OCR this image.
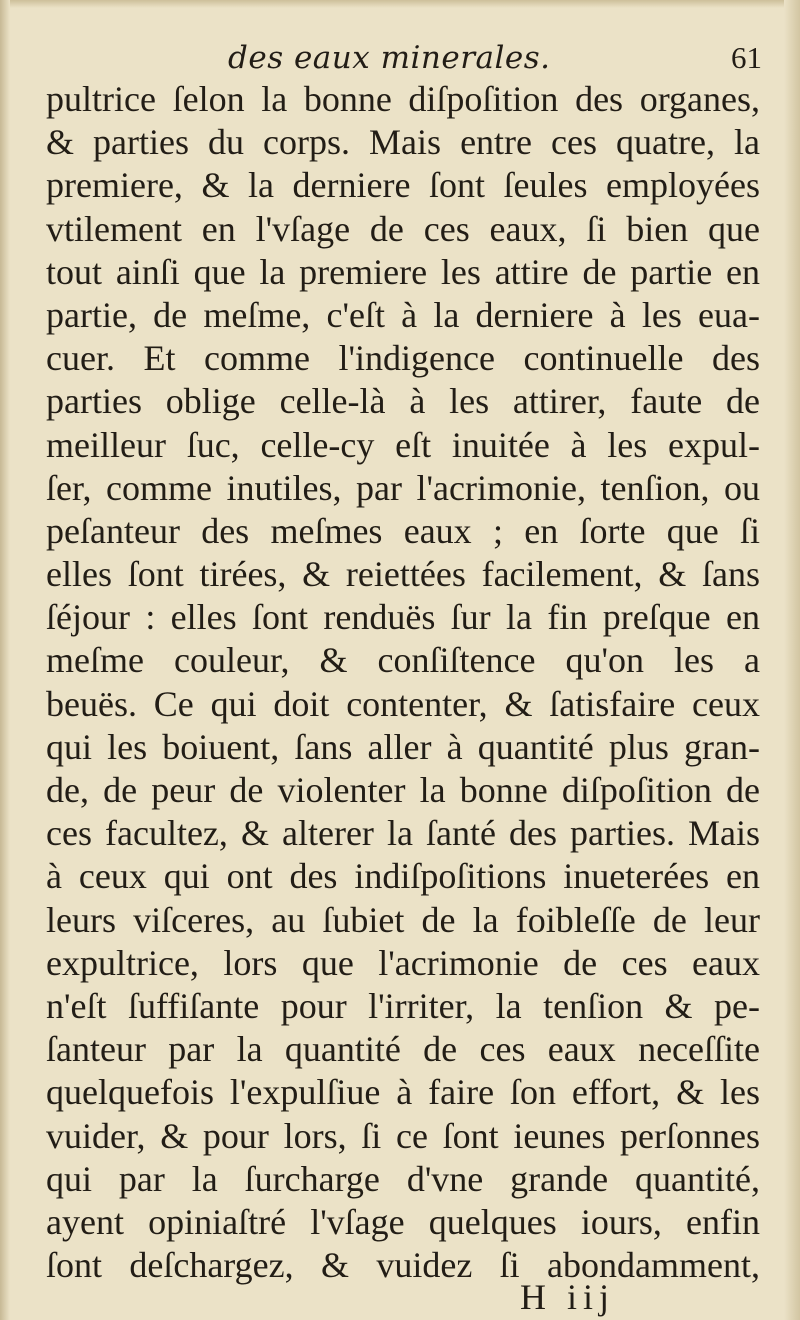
des eaux minerales.	61
pultrice ſelon la bonne diſpoſition des organes,
& parties du corps. Mais entre ces quatre, la
premiere, & la derniere ſont ſeules employées
vtilement en l'vſage de ces eaux, ſi bien que
tout ainſi que la premiere les attire de partie en
partie, de meſme, c'eſt à la derniere à les eua-
cuer. Et comme l'indigence continuelle des
parties oblige celle-là à les attirer, faute de
meilleur ſuc, celle-cy eſt inuitée à les expul-
ſer, comme inutiles, par l'acrimonie, tenſion, ou
peſanteur des meſmes eaux ; en ſorte que ſi
elles ſont tirées, & reiettées facilement, & ſans
ſéjour : elles ſont renduës ſur la fin preſque en
meſme couleur, & conſiſtence qu'on les a
beuës. Ce qui doit contenter, & ſatisfaire ceux
qui les boiuent, ſans aller à quantité plus gran-
de, de peur de violenter la bonne diſpoſition de
ces facultez, & alterer la ſanté des parties. Mais
à ceux qui ont des indiſpoſitions inueterées en
leurs viſceres, au ſubiet de la foibleſſe de leur
expultrice, lors que l'acrimonie de ces eaux
n'eſt ſuffiſante pour l'irriter, la tenſion & pe-
ſanteur par la quantité de ces eaux neceſſite
quelquefois l'expulſiue à faire ſon effort, & les
vuider, & pour lors, ſi ce ſont ieunes perſonnes
qui par la ſurcharge d'vne grande quantité,
ayent opiniaſtré l'vſage quelques iours, enfin
ſont deſchargez, & vuidez ſi abondamment,
H iij
